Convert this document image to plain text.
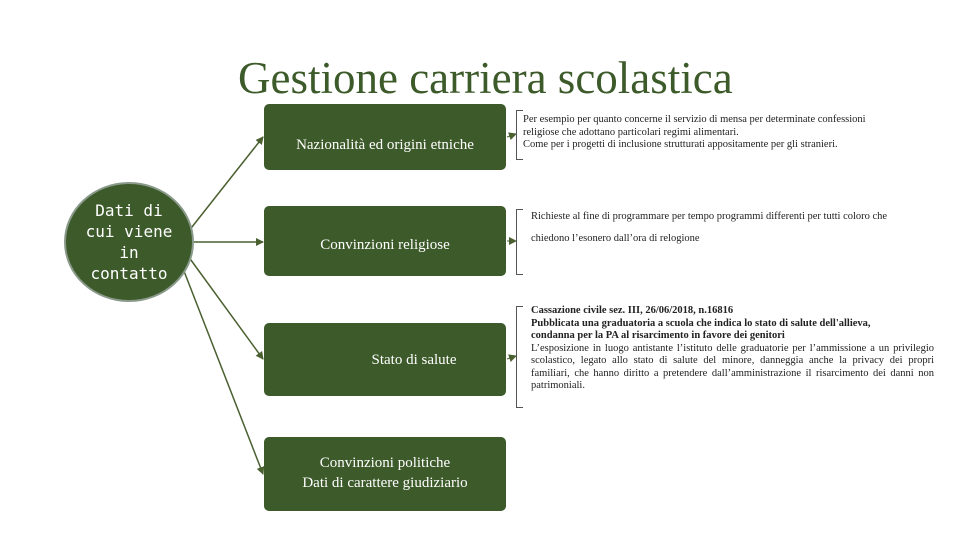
Gestione carriera scolastica
Dati di
cui viene
in
contatto
Nazionalità ed origini etniche
Convinzioni religiose
Stato di salute
Convinzioni politiche
Dati di carattere giudiziario
Per esempio per quanto concerne il servizio di mensa per determinate confessioni
religiose che adottano particolari regimi alimentari.
Come per i progetti di inclusione strutturati appositamente per gli stranieri.
Richieste al fine di programmare per tempo programmi differenti per tutti coloro che
chiedono l’esonero dall’ora di relogione
Cassazione civile sez. III, 26/06/2018, n.16816
Pubblicata una graduatoria a scuola che indica lo stato di salute dell'allieva,
condanna per la PA al risarcimento in favore dei genitori
L’esposizione in luogo antistante l’istituto delle graduatorie per l’ammissione a un privilegio scolastico, legato allo stato di salute del minore, danneggia anche la privacy dei propri familiari, che hanno diritto a pretendere dall’amministrazione il risarcimento dei danni non patrimoniali.
